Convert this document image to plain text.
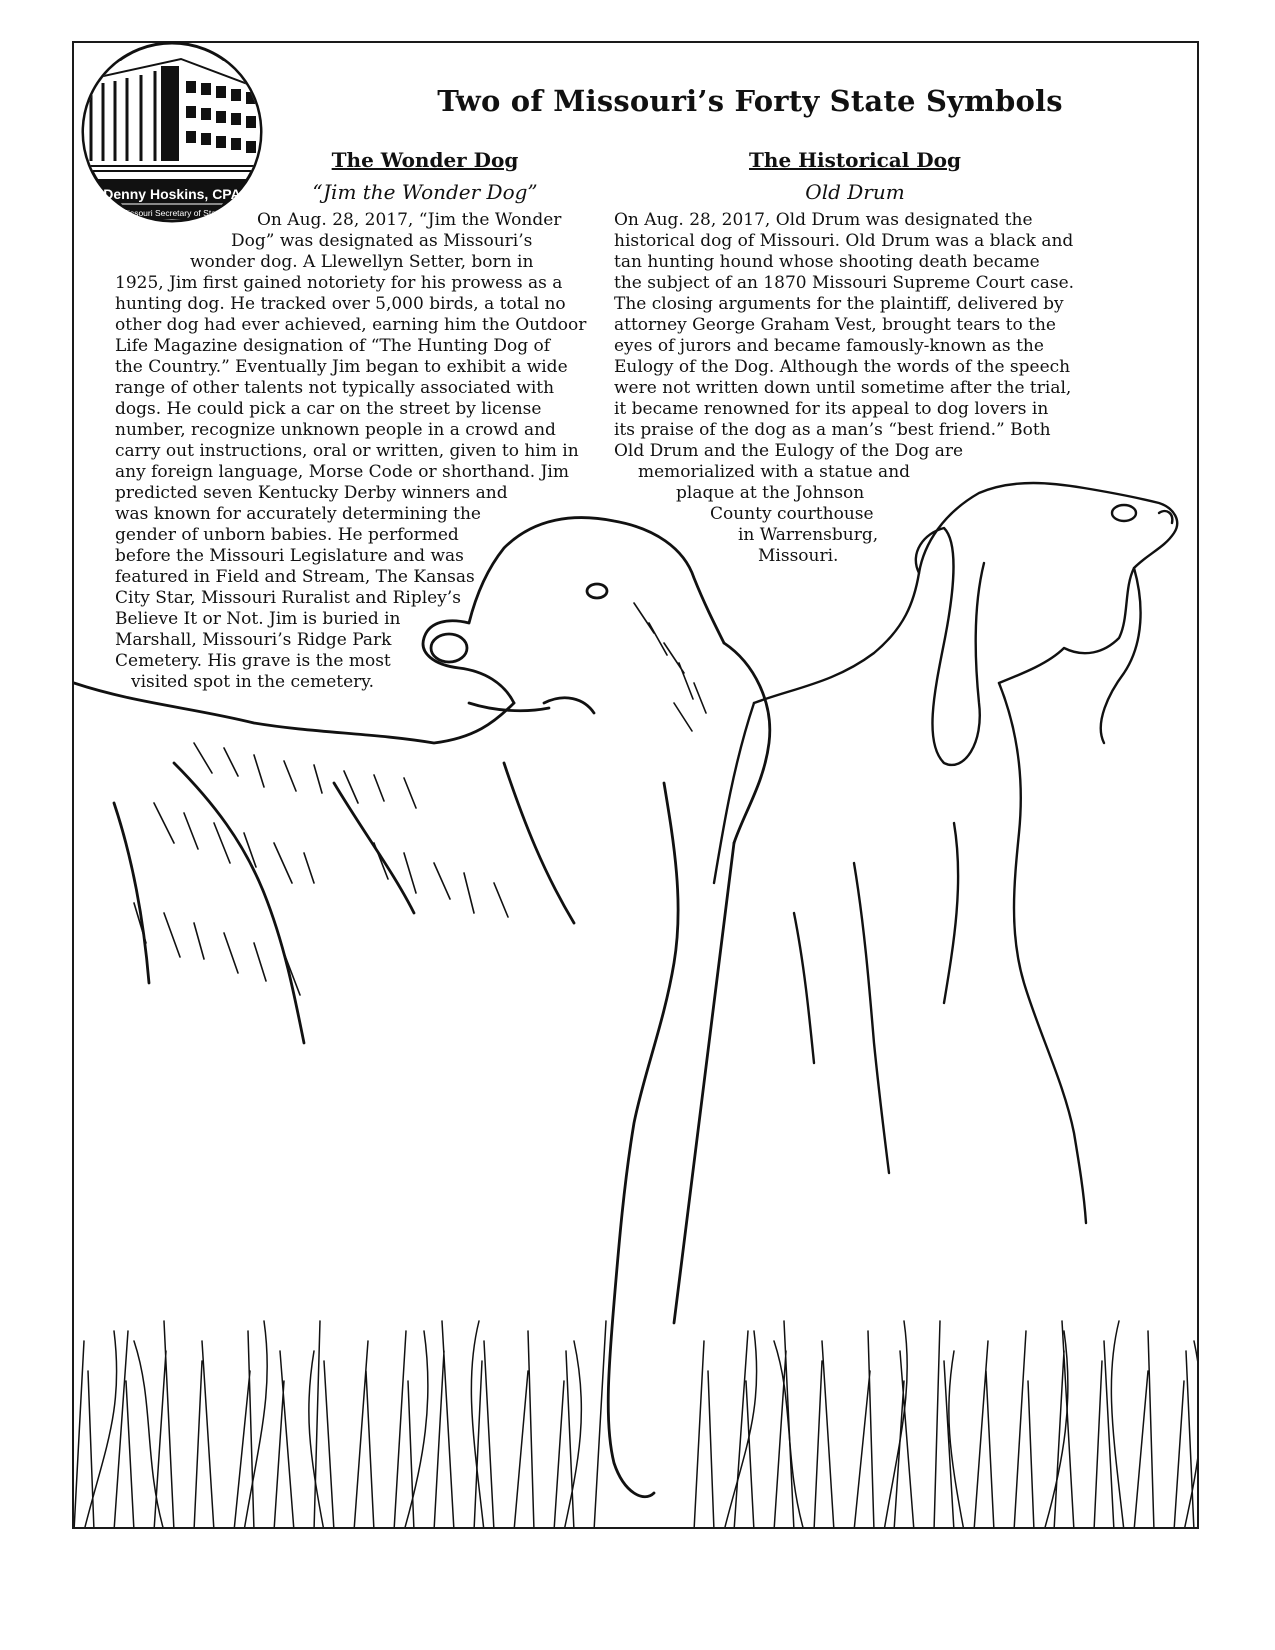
Denny Hoskins, CPA
Missouri Secretary of State
Two of Missouri’s Forty State Symbols
The Wonder Dog

“Jim the Wonder Dog”

On Aug. 28, 2017, “Jim the Wonder
Dog” was designated as Missouri’s
wonder dog. A Llewellyn Setter, born in
1925, Jim first gained notoriety for his prowess as a
hunting dog. He tracked over 5,000 birds, a total no
other dog had ever achieved, earning him the Outdoor
Life Magazine designation of “The Hunting Dog of
the Country.” Eventually Jim began to exhibit a wide
range of other talents not typically associated with
dogs. He could pick a car on the street by license
number, recognize unknown people in a crowd and
carry out instructions, oral or written, given to him in
any foreign language, Morse Code or shorthand. Jim
predicted seven Kentucky Derby winners and
was known for accurately determining the
gender of unborn babies. He performed
before the Missouri Legislature and was
featured in Field and Stream, The Kansas
City Star, Missouri Ruralist and Ripley’s
Believe It or Not. Jim is buried in
Marshall, Missouri’s Ridge Park
Cemetery. His grave is the most
visited spot in the cemetery.
The Historical Dog

Old Drum

On Aug. 28, 2017, Old Drum was designated the
historical dog of Missouri. Old Drum was a black and
tan hunting hound whose shooting death became
the subject of an 1870 Missouri Supreme Court case.
The closing arguments for the plaintiff, delivered by
attorney George Graham Vest, brought tears to the
eyes of jurors and became famously-known as the
Eulogy of the Dog. Although the words of the speech
were not written down until sometime after the trial,
it became renowned for its appeal to dog lovers in
its praise of the dog as a man’s “best friend.” Both
Old Drum and the Eulogy of the Dog are
memorialized with a statue and
plaque at the Johnson
County courthouse
in Warrensburg,
Missouri.
